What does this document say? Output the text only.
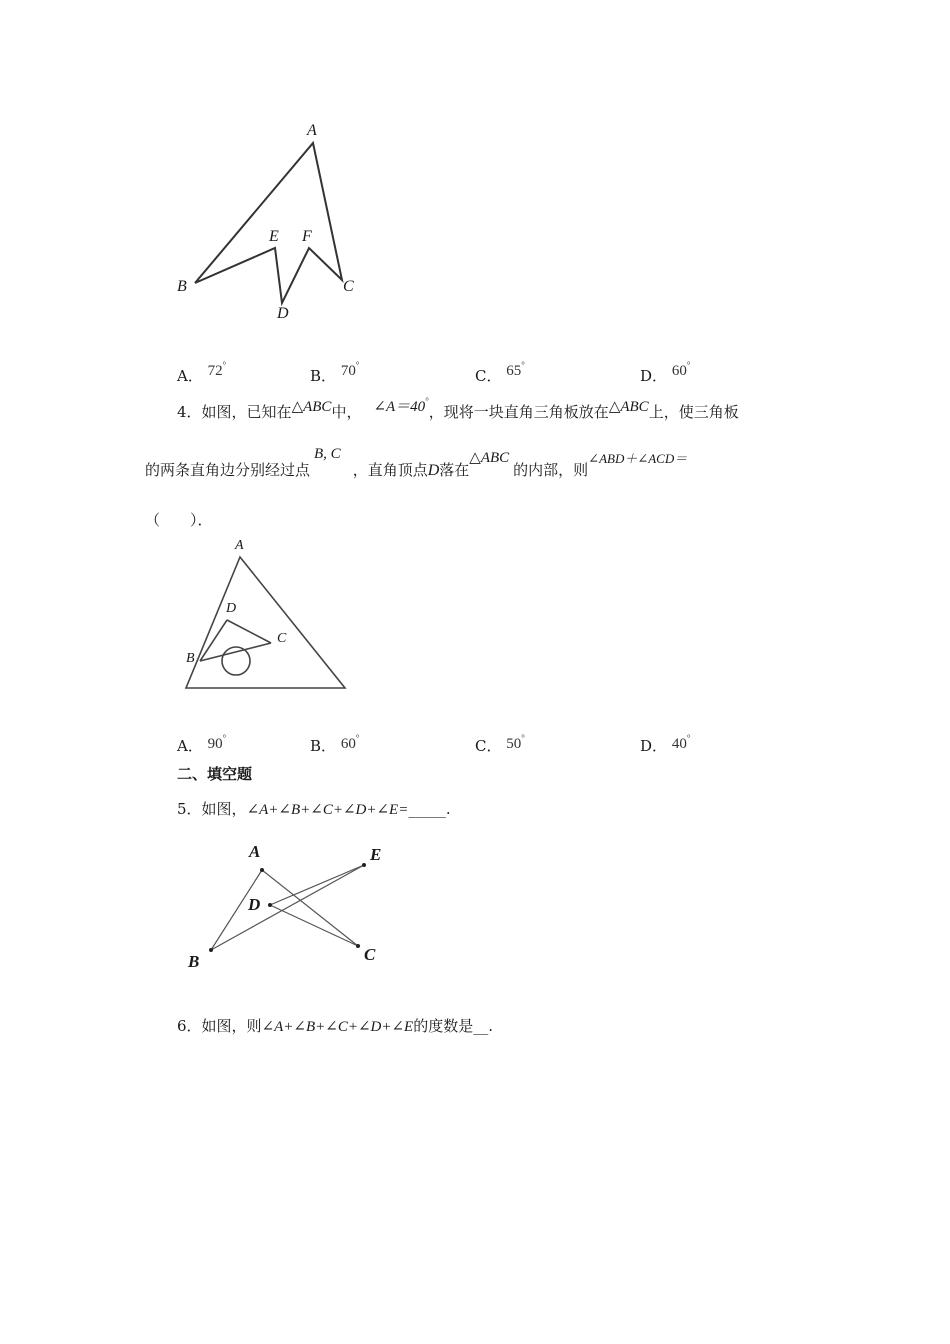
A
B	C
D
E F
A． 72°
B． 70°
C． 65°
D． 60°
4．如图，已知在△ABC中， ∠A＝40°，现将一块直角三角板放在△ABC上，使三角板
的两条直角边分别经过点B, C，直角顶点D落在△ABC的内部，则∠ABD＋∠ACD＝
（　　）．
A
B
C
D
A． 90°	B． 60°	C． 50°	D． 40°
二、填空题
5．如图，∠A+∠B+∠C+∠D+∠E=_____.
A
B	C
D
E
6．如图，则∠A+∠B+∠C+∠D+∠E的度数是__.
